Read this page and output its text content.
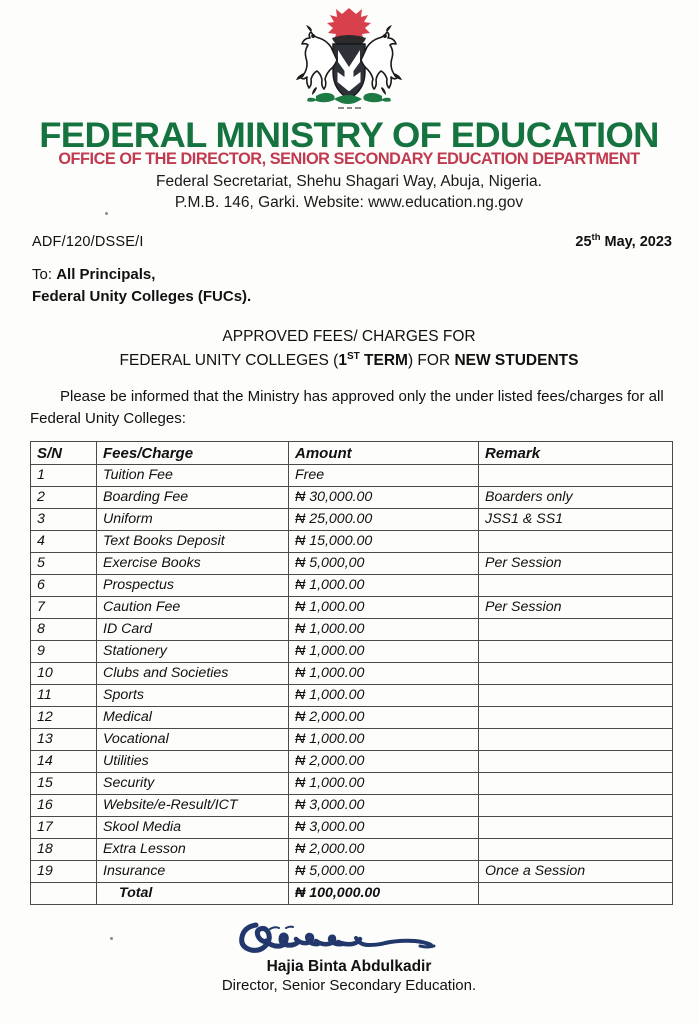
FEDERAL MINISTRY OF EDUCATION
OFFICE OF THE DIRECTOR, SENIOR SECONDARY EDUCATION DEPARTMENT
Federal Secretariat, Shehu Shagari Way, Abuja, Nigeria.
P.M.B. 146, Garki. Website: www.education.ng.gov
ADF/120/DSSE/I	25th May, 2023
To: All Principals,
Federal Unity Colleges (FUCs).
APPROVED FEES/ CHARGES FOR
FEDERAL UNITY COLLEGES (1ST TERM) FOR NEW STUDENTS
Please be informed that the Ministry has approved only the under listed fees/charges for all Federal Unity Colleges:
S/N	Fees/Charge	Amount	Remark
1	Tuition Fee	Free	
2	Boarding Fee	₦ 30,000.00	Boarders only
3	Uniform	₦ 25,000.00	JSS1 & SS1
4	Text Books Deposit	₦ 15,000.00	
5	Exercise Books	₦ 5,000,00	Per Session
6	Prospectus	₦ 1,000.00	
7	Caution Fee	₦ 1,000.00	Per Session
8	ID Card	₦ 1,000.00	
9	Stationery	₦ 1,000.00	
10	Clubs and Societies	₦ 1,000.00	
11	Sports	₦ 1,000.00	
12	Medical	₦ 2,000.00	
13	Vocational	₦ 1,000.00	
14	Utilities	₦ 2,000.00	
15	Security	₦ 1,000.00	
16	Website/e-Result/ICT	₦ 3,000.00	
17	Skool Media	₦ 3,000.00	
18	Extra Lesson	₦ 2,000.00	
19	Insurance	₦ 5,000.00	Once a Session
	Total	₦ 100,000.00	
Hajia Binta Abdulkadir
Director, Senior Secondary Education.
